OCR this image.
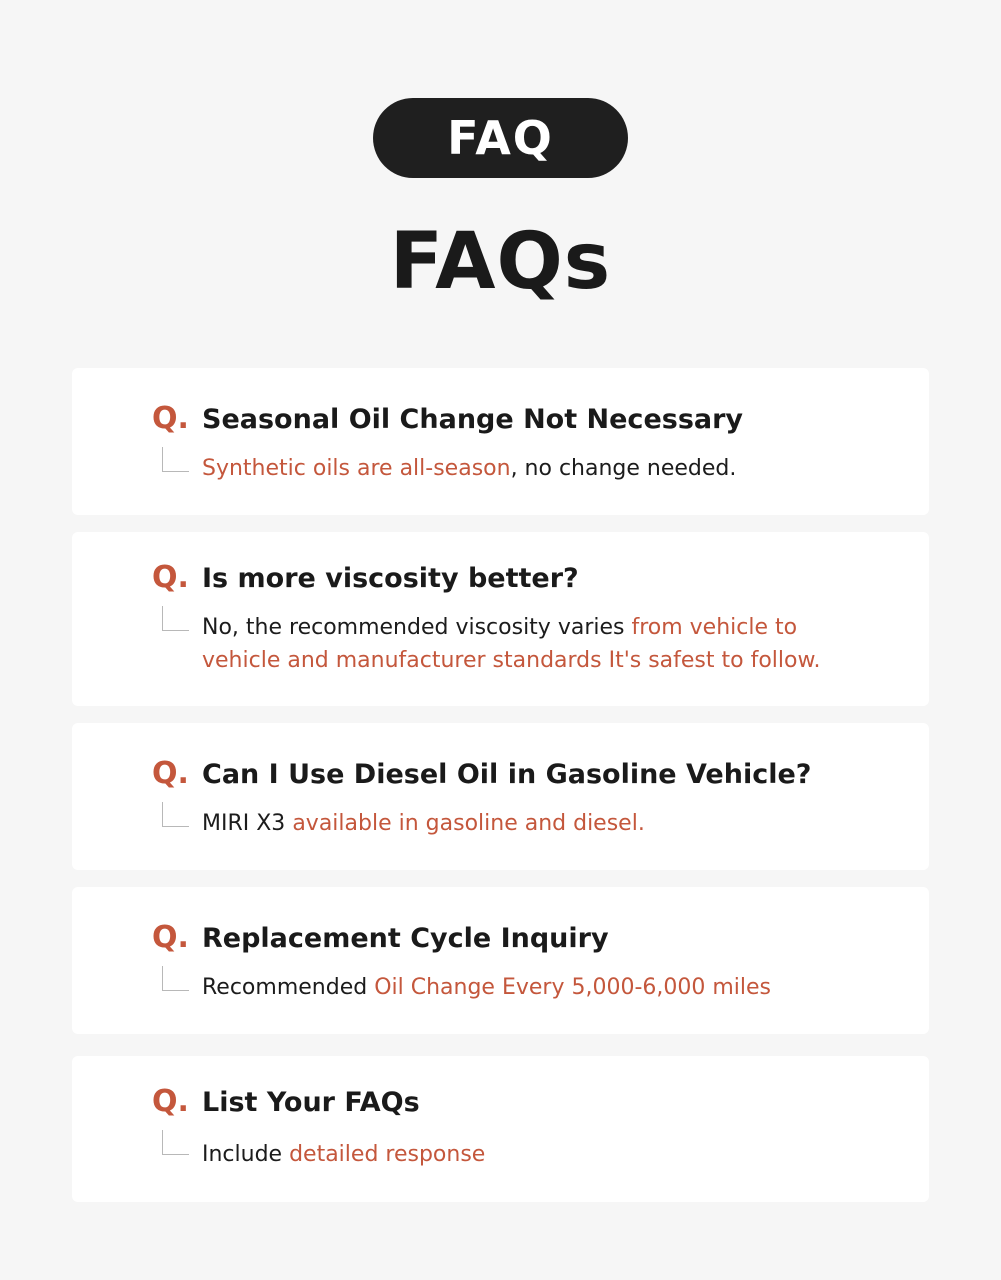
FAQ
FAQs
Q. Seasonal Oil Change Not Necessary
Synthetic oils are all-season, no change needed.
Q. Is more viscosity better?
No, the recommended viscosity varies from vehicle to vehicle and manufacturer standards It's safest to follow.
Q. Can I Use Diesel Oil in Gasoline Vehicle?
MIRI X3 available in gasoline and diesel.
Q. Replacement Cycle Inquiry
Recommended Oil Change Every 5,000-6,000 miles
Q. List Your FAQs
Include detailed response
